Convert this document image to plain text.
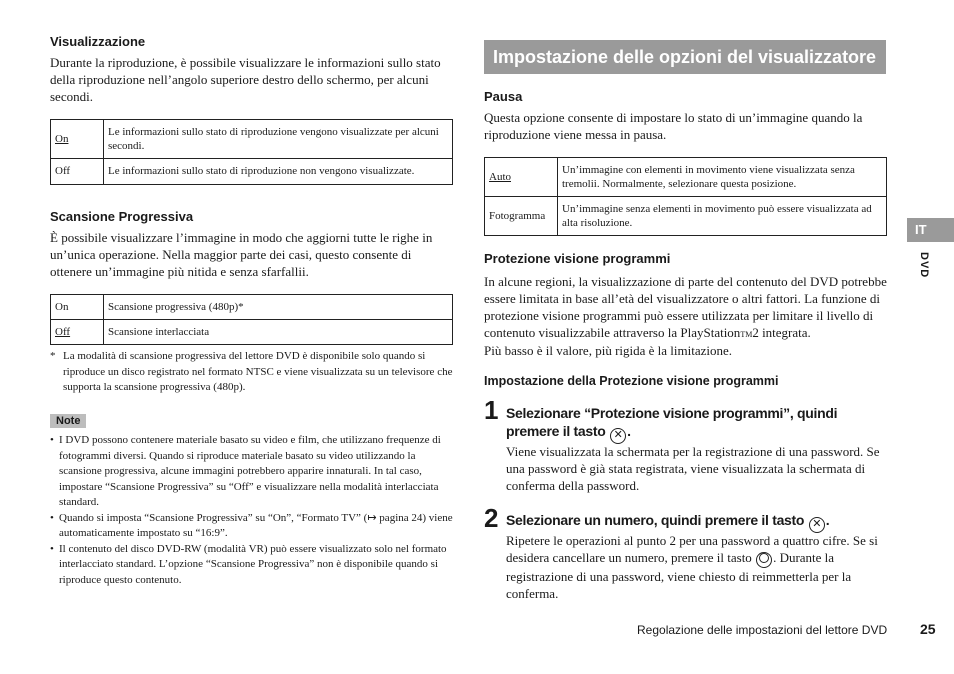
Visualizzazione
Durante la riproduzione, è possibile visualizzare le informazioni sullo stato della riproduzione nell’angolo superiore destro dello schermo, per alcuni secondi.
On	Le informazioni sullo stato di riproduzione vengono visualizzate per alcuni secondi.
Off	Le informazioni sullo stato di riproduzione non vengono visualizzate.
Scansione Progressiva
È possibile visualizzare l’immagine in modo che aggiorni tutte le righe in un’unica operazione. Nella maggior parte dei casi, questo consente di ottenere un’immagine più nitida e senza sfarfallii.
On	Scansione progressiva (480p)*
Off	Scansione interlacciata
* La modalità di scansione progressiva del lettore DVD è disponibile solo quando si riproduce un disco registrato nel formato NTSC e viene visualizzata su un televisore che supporta la scansione progressiva (480p).
Note
• I DVD possono contenere materiale basato su video e film, che utilizzano frequenze di fotogrammi diversi. Quando si riproduce materiale basato su video utilizzando la scansione progressiva, alcune immagini potrebbero apparire innaturali. In tal caso, impostare “Scansione Progressiva” su “Off” e visualizzare nella modalità interlacciata standard.
• Quando si imposta “Scansione Progressiva” su “On”, “Formato TV” (↦ pagina 24) viene automaticamente impostato su “16:9”.
• Il contenuto del disco DVD-RW (modalità VR) può essere visualizzato solo nel formato interlacciato standard. L’opzione “Scansione Progressiva” non è disponibile quando si riproduce questo contenuto.
Impostazione delle opzioni del visualizzatore
Pausa
Questa opzione consente di impostare lo stato di un’immagine quando la riproduzione viene messa in pausa.
Auto	Un’immagine con elementi in movimento viene visualizzata senza tremolii. Normalmente, selezionare questa posizione.
Fotogramma	Un’immagine senza elementi in movimento può essere visualizzata ad alta risoluzione.
Protezione visione programmi
In alcune regioni, la visualizzazione di parte del contenuto del DVD potrebbe essere limitata in base all’età del visualizzatore o altri fattori. La funzione di protezione visione programmi può essere utilizzata per limitare il livello di contenuto visualizzabile attraverso la PlayStationTM2 integrata.
Più basso è il valore, più rigida è la limitazione.
Impostazione della Protezione visione programmi
1 Selezionare “Protezione visione programmi”, quindi premere il tasto ✕ .
Viene visualizzata la schermata per la registrazione di una password. Se una password è già stata registrata, viene visualizzata la schermata di conferma della password.
2 Selezionare un numero, quindi premere il tasto ✕ .
Ripetere le operazioni al punto 2 per una password a quattro cifre. Se si desidera cancellare un numero, premere il tasto . Durante la registrazione di una password, viene chiesto di reimmetterla per la conferma.
IT
DVD
Regolazione delle impostazioni del lettore DVD 25
